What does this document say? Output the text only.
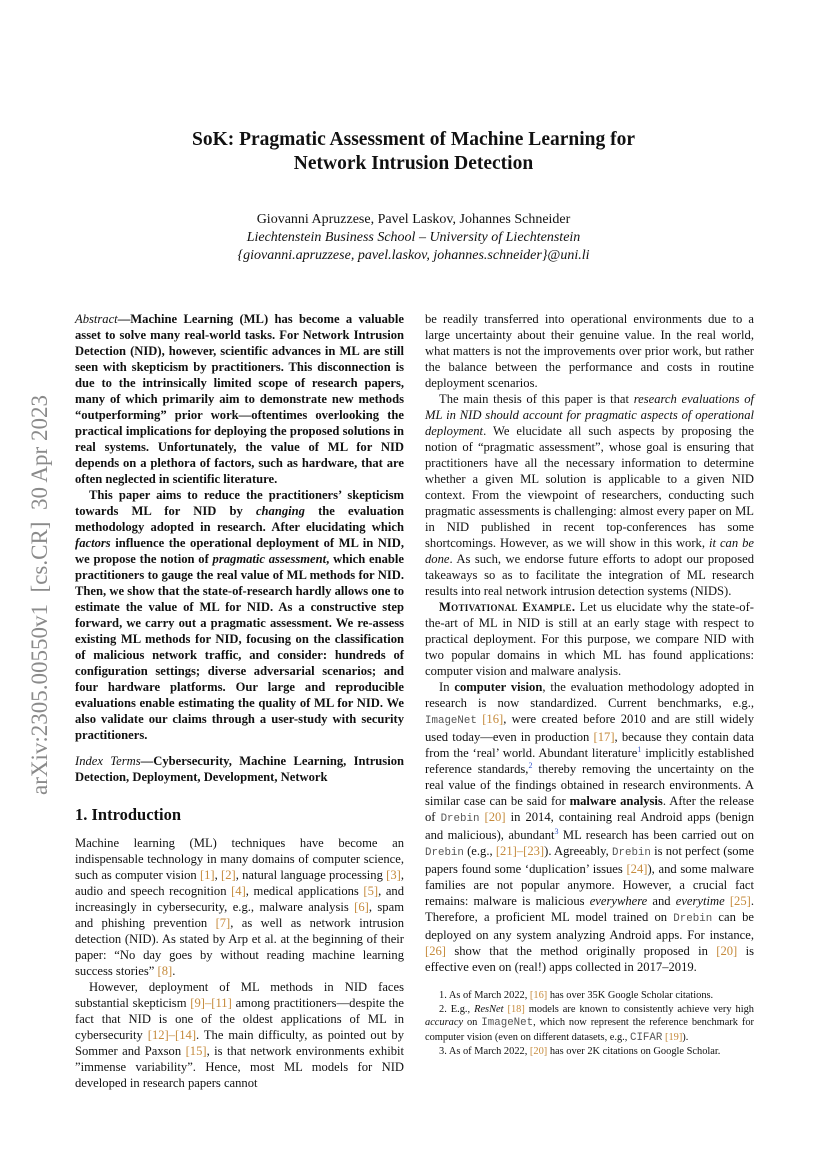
arXiv:2305.00550v1  [cs.CR]  30 Apr 2023
SoK: Pragmatic Assessment of Machine Learning for
Network Intrusion Detection
Giovanni Apruzzese, Pavel Laskov, Johannes Schneider
Liechtenstein Business School – University of Liechtenstein
{giovanni.apruzzese, pavel.laskov, johannes.schneider}@uni.li

Abstract—Machine Learning (ML) has become a valuable asset to solve many real-world tasks. For Network Intrusion Detection (NID), however, scientific advances in ML are still seen with skepticism by practitioners. This disconnection is due to the intrinsically limited scope of research papers, many of which primarily aim to demonstrate new methods “outperforming” prior work—oftentimes overlooking the practical implications for deploying the proposed solutions in real systems. Unfortunately, the value of ML for NID depends on a plethora of factors, such as hardware, that are often neglected in scientific literature.

This paper aims to reduce the practitioners’ skepticism towards ML for NID by changing the evaluation methodology adopted in research. After elucidating which factors influence the operational deployment of ML in NID, we propose the notion of pragmatic assessment, which enable practitioners to gauge the real value of ML methods for NID. Then, we show that the state-of-research hardly allows one to estimate the value of ML for NID. As a constructive step forward, we carry out a pragmatic assessment. We re-assess existing ML methods for NID, focusing on the classification of malicious network traffic, and consider: hundreds of configuration settings; diverse adversarial scenarios; and four hardware platforms. Our large and reproducible evaluations enable estimating the quality of ML for NID. We also validate our claims through a user-study with security practitioners.

Index Terms—Cybersecurity, Machine Learning, Intrusion Detection, Deployment, Development, Network
1. Introduction

Machine learning (ML) techniques have become an indispensable technology in many domains of computer science, such as computer vision [1], [2], natural language processing [3], audio and speech recognition [4], medical applications [5], and increasingly in cybersecurity, e.g., malware analysis [6], spam and phishing prevention [7], as well as network intrusion detection (NID). As stated by Arp et al. at the beginning of their paper: “No day goes by without reading machine learning success stories” [8].

However, deployment of ML methods in NID faces substantial skepticism [9]–[11] among practitioners—despite the fact that NID is one of the oldest applications of ML in cybersecurity [12]–[14]. The main difficulty, as pointed out by Sommer and Paxson [15], is that network environments exhibit ”immense variability”. Hence, most ML models for NID developed in research papers cannot

be readily transferred into operational environments due to a large uncertainty about their genuine value. In the real world, what matters is not the improvements over prior work, but rather the balance between the performance and costs in routine deployment scenarios.

The main thesis of this paper is that research evaluations of ML in NID should account for pragmatic aspects of operational deployment. We elucidate all such aspects by proposing the notion of “pragmatic assessment”, whose goal is ensuring that practitioners have all the necessary information to determine whether a given ML solution is applicable to a given NID context. From the viewpoint of researchers, conducting such pragmatic assessments is challenging: almost every paper on ML in NID published in recent top-conferences has some shortcomings. However, as we will show in this work, it can be done. As such, we endorse future efforts to adopt our proposed takeaways so as to facilitate the integration of ML research results into real network intrusion detection systems (NIDS).

Motivational Example. Let us elucidate why the state-of-the-art of ML in NID is still at an early stage with respect to practical deployment. For this purpose, we compare NID with two popular domains in which ML has found applications: computer vision and malware analysis.

In computer vision, the evaluation methodology adopted in research is now standardized. Current benchmarks, e.g., ImageNet [16], were created before 2010 and are still widely used today—even in production [17], because they contain data from the ‘real’ world. Abundant literature$^1$ implicitly established reference standards,$^2$ thereby removing the uncertainty on the real value of the findings obtained in research environments. A similar case can be said for malware analysis. After the release of Drebin [20] in 2014, containing real Android apps (benign and malicious), abundant$^3$ ML research has been carried out on Drebin (e.g., [21]–[23]). Agreeably, Drebin is not perfect (some papers found some ‘duplication’ issues [24]), and some malware families are not popular anymore. However, a crucial fact remains: malware is malicious everywhere and everytime [25]. Therefore, a proficient ML model trained on Drebin can be deployed on any system analyzing Android apps. For instance, [26] show that the method originally proposed in [20] is effective even on (real!) apps collected in 2017–2019.

1. As of March 2022, [16] has over 35K Google Scholar citations.

2. E.g., ResNet [18] models are known to consistently achieve very high accuracy on ImageNet, which now represent the reference benchmark for computer vision (even on different datasets, e.g., CIFAR [19]).

3. As of March 2022, [20] has over 2K citations on Google Scholar.
